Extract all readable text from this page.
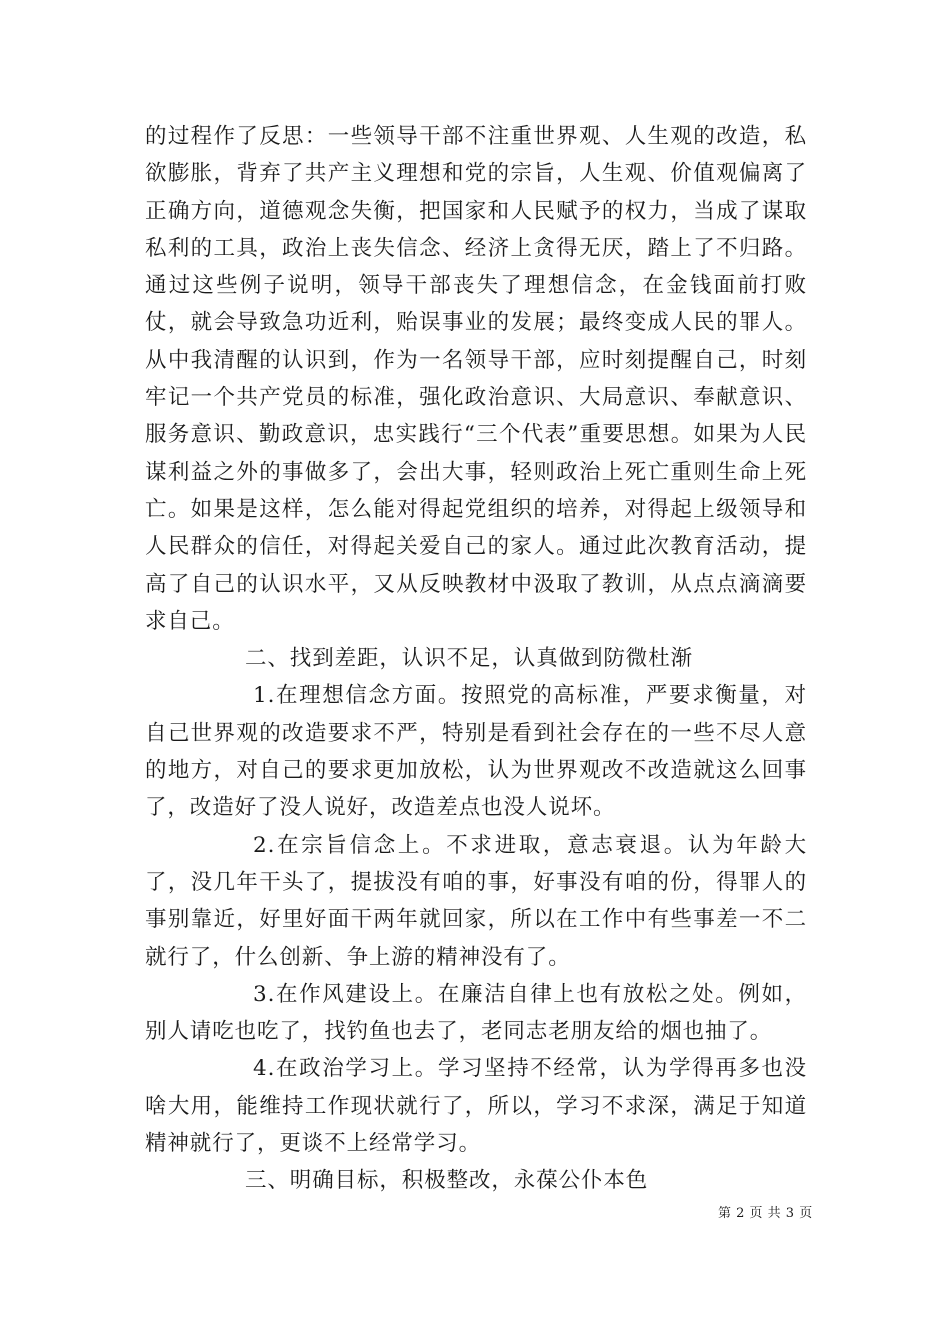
的过程作了反思：一些领导干部不注重世界观、人生观的改造，私欲膨胀，背弃了共产主义理想和党的宗旨，人生观、价值观偏离了正确方向，道德观念失衡，把国家和人民赋予的权力，当成了谋取私利的工具，政治上丧失信念、经济上贪得无厌，踏上了不归路。通过这些例子说明，领导干部丧失了理想信念，在金钱面前打败仗，就会导致急功近利，贻误事业的发展；最终变成人民的罪人。从中我清醒的认识到，作为一名领导干部，应时刻提醒自己，时刻牢记一个共产党员的标准，强化政治意识、大局意识、奉献意识、服务意识、勤政意识，忠实践行“三个代表”重要思想。如果为人民谋利益之外的事做多了，会出大事，轻则政治上死亡重则生命上死亡。如果是这样，怎么能对得起党组织的培养，对得起上级领导和人民群众的信任，对得起关爱自己的家人。通过此次教育活动，提高了自己的认识水平，又从反映教材中汲取了教训，从点点滴滴要求自己。

二、找到差距，认识不足，认真做到防微杜渐

1.在理想信念方面。按照党的高标准，严要求衡量，对自己世界观的改造要求不严，特别是看到社会存在的一些不尽人意的地方，对自己的要求更加放松，认为世界观改不改造就这么回事了，改造好了没人说好，改造差点也没人说坏。

2.在宗旨信念上。不求进取，意志衰退。认为年龄大了，没几年干头了，提拔没有咱的事，好事没有咱的份，得罪人的事别靠近，好里好面干两年就回家，所以在工作中有些事差一不二就行了，什么创新、争上游的精神没有了。

3.在作风建设上。在廉洁自律上也有放松之处。例如，别人请吃也吃了，找钓鱼也去了，老同志老朋友给的烟也抽了。

4.在政治学习上。学习坚持不经常，认为学得再多也没啥大用，能维持工作现状就行了，所以，学习不求深，满足于知道精神就行了，更谈不上经常学习。

三、明确目标，积极整改，永葆公仆本色

第 2 页 共 3 页
